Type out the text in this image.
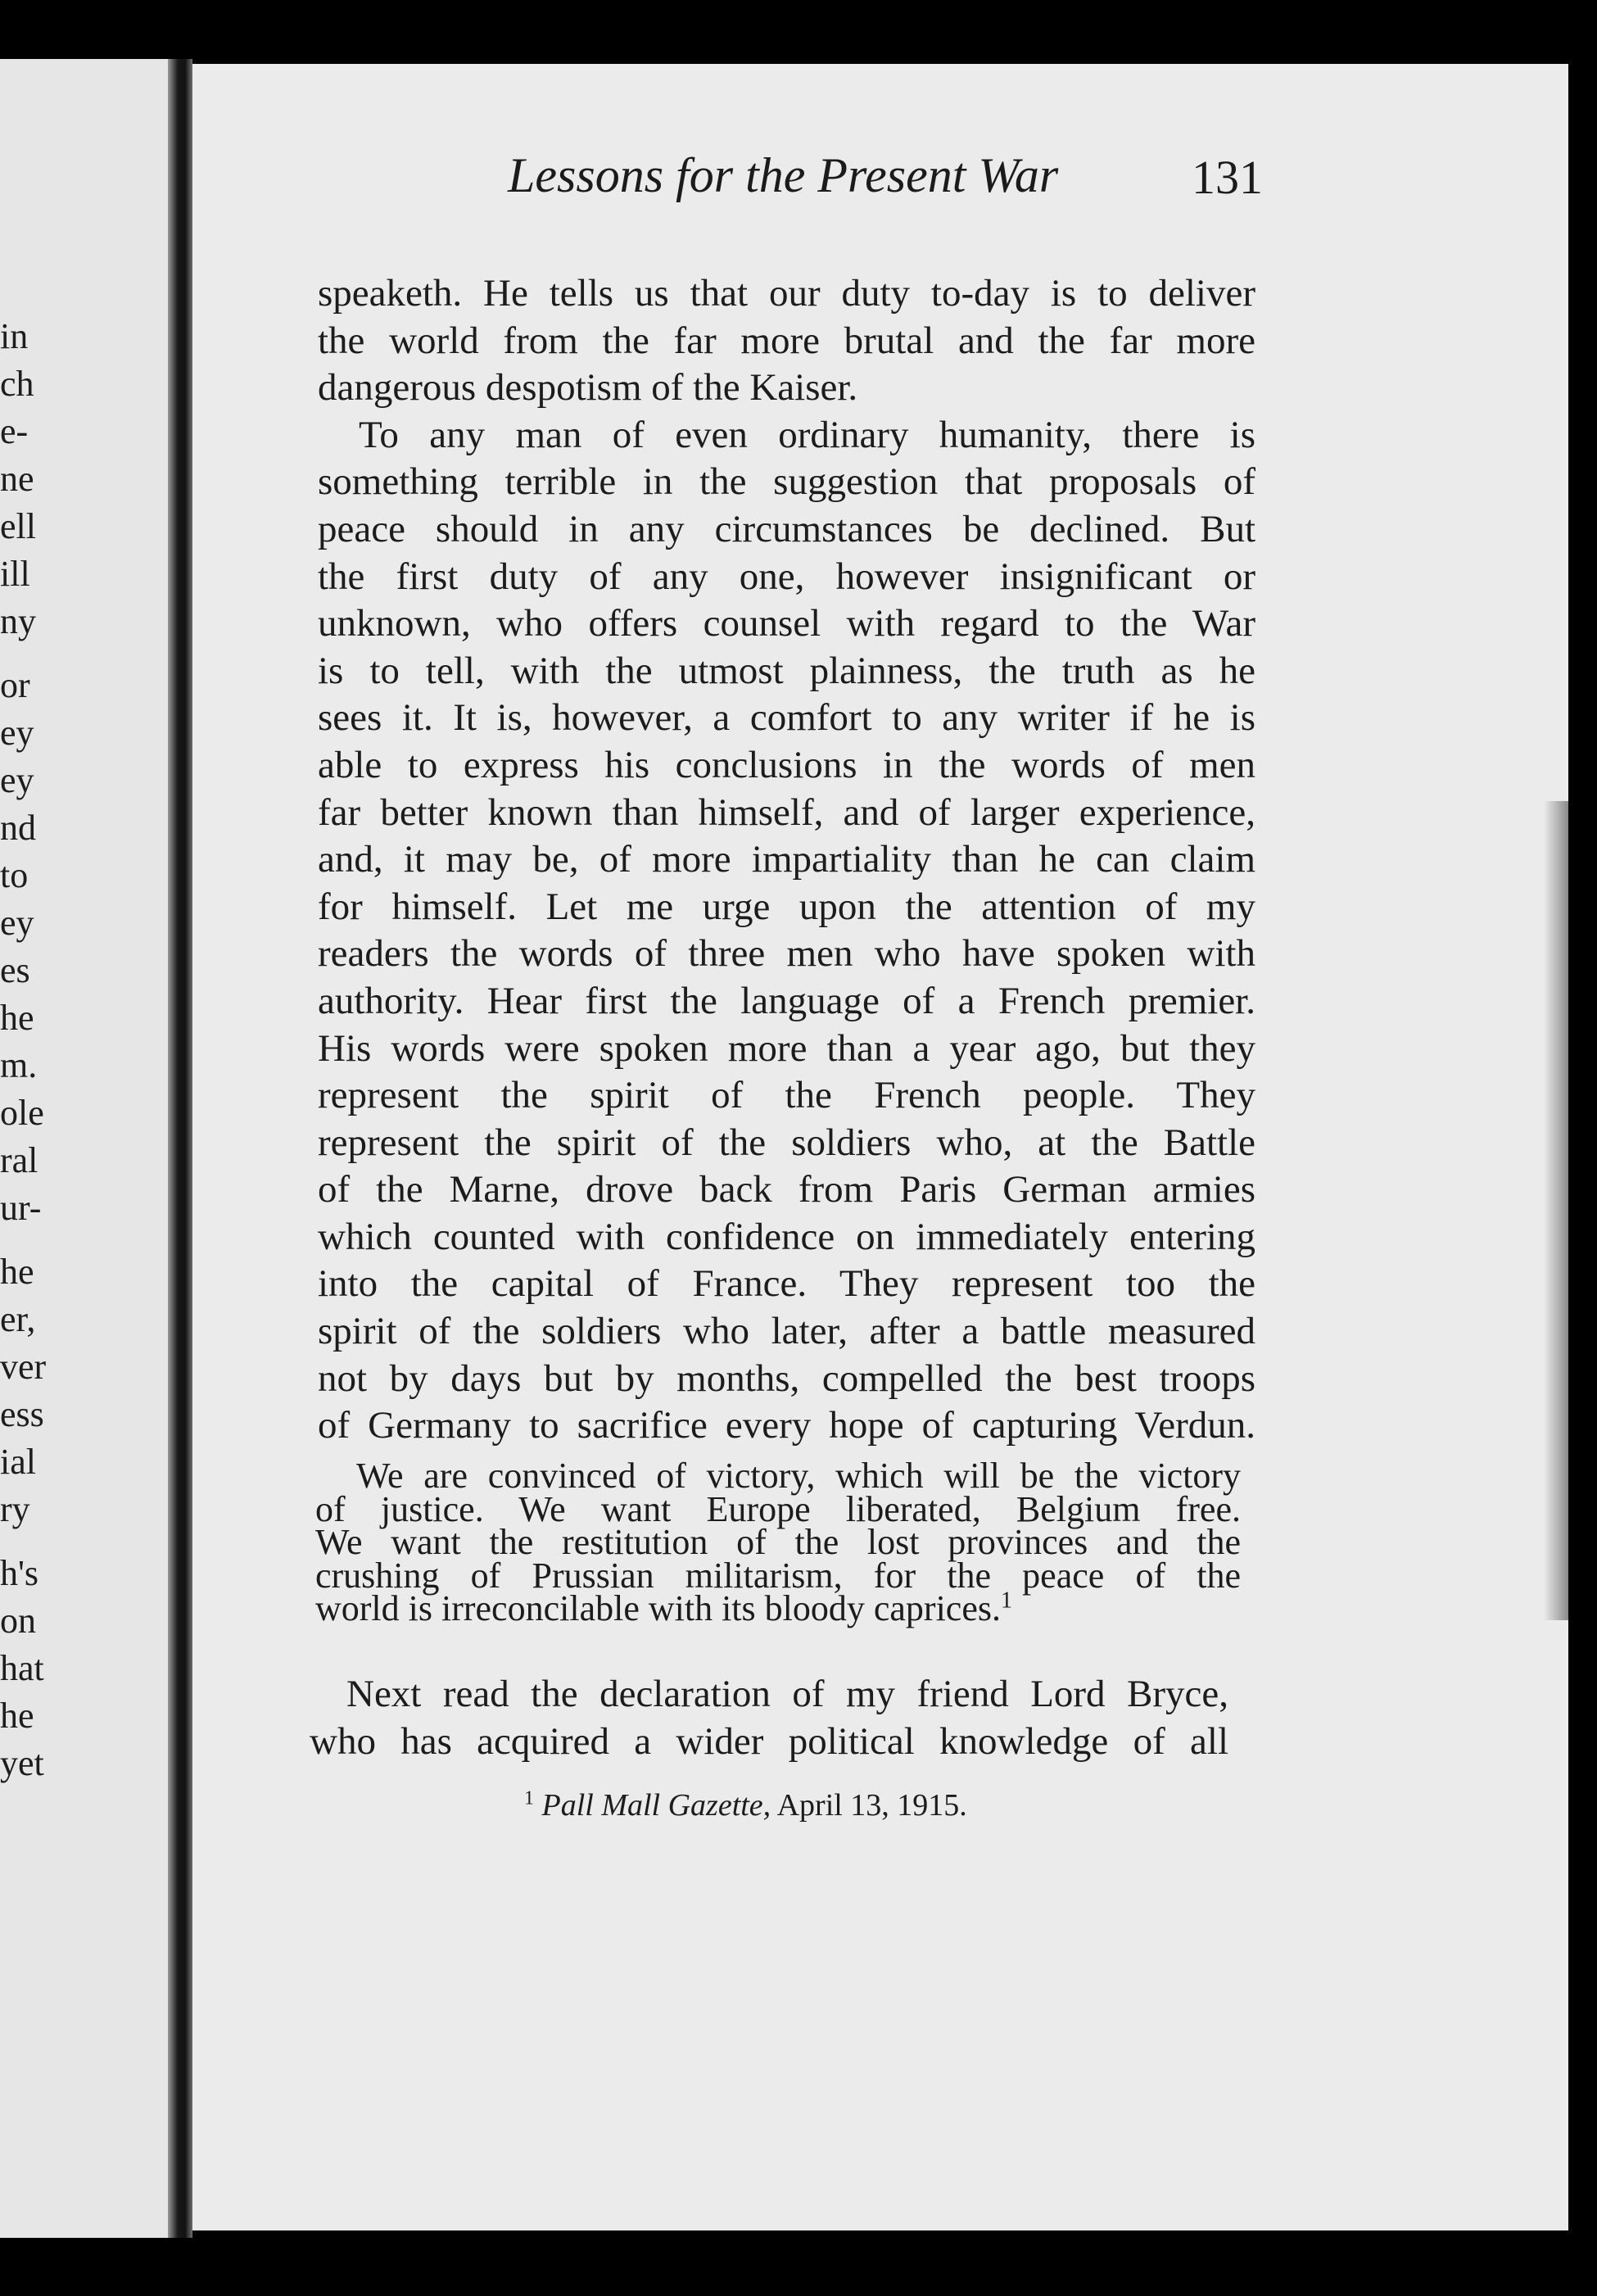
in
ch
e-
ne
ell
ill
ny
or
ey
ey
nd
to
ey
es
he
m.
ole
ral
ur-
he
er,
ver
ess
ial
ry
h's
on
hat
he
yet
Lessons for the Present War	131
speaketh. He tells us that our duty to-day is to deliver
the world from the far more brutal and the far more
dangerous despotism of the Kaiser.
To any man of even ordinary humanity, there is
something terrible in the suggestion that proposals of
peace should in any circumstances be declined. But
the first duty of any one, however insignificant or
unknown, who offers counsel with regard to the War
is to tell, with the utmost plainness, the truth as he
sees it. It is, however, a comfort to any writer if he is
able to express his conclusions in the words of men
far better known than himself, and of larger experience,
and, it may be, of more impartiality than he can claim
for himself. Let me urge upon the attention of my
readers the words of three men who have spoken with
authority. Hear first the language of a French premier.
His words were spoken more than a year ago, but they
represent the spirit of the French people. They
represent the spirit of the soldiers who, at the Battle
of the Marne, drove back from Paris German armies
which counted with confidence on immediately entering
into the capital of France. They represent too the
spirit of the soldiers who later, after a battle measured
not by days but by months, compelled the best troops
of Germany to sacrifice every hope of capturing Verdun.
We are convinced of victory, which will be the victory
of justice. We want Europe liberated, Belgium free.
We want the restitution of the lost provinces and the
crushing of Prussian militarism, for the peace of the
world is irreconcilable with its bloody caprices.$^1$
Next read the declaration of my friend Lord Bryce,
who has acquired a wider political knowledge of all
$^1$ Pall Mall Gazette, April 13, 1915.
